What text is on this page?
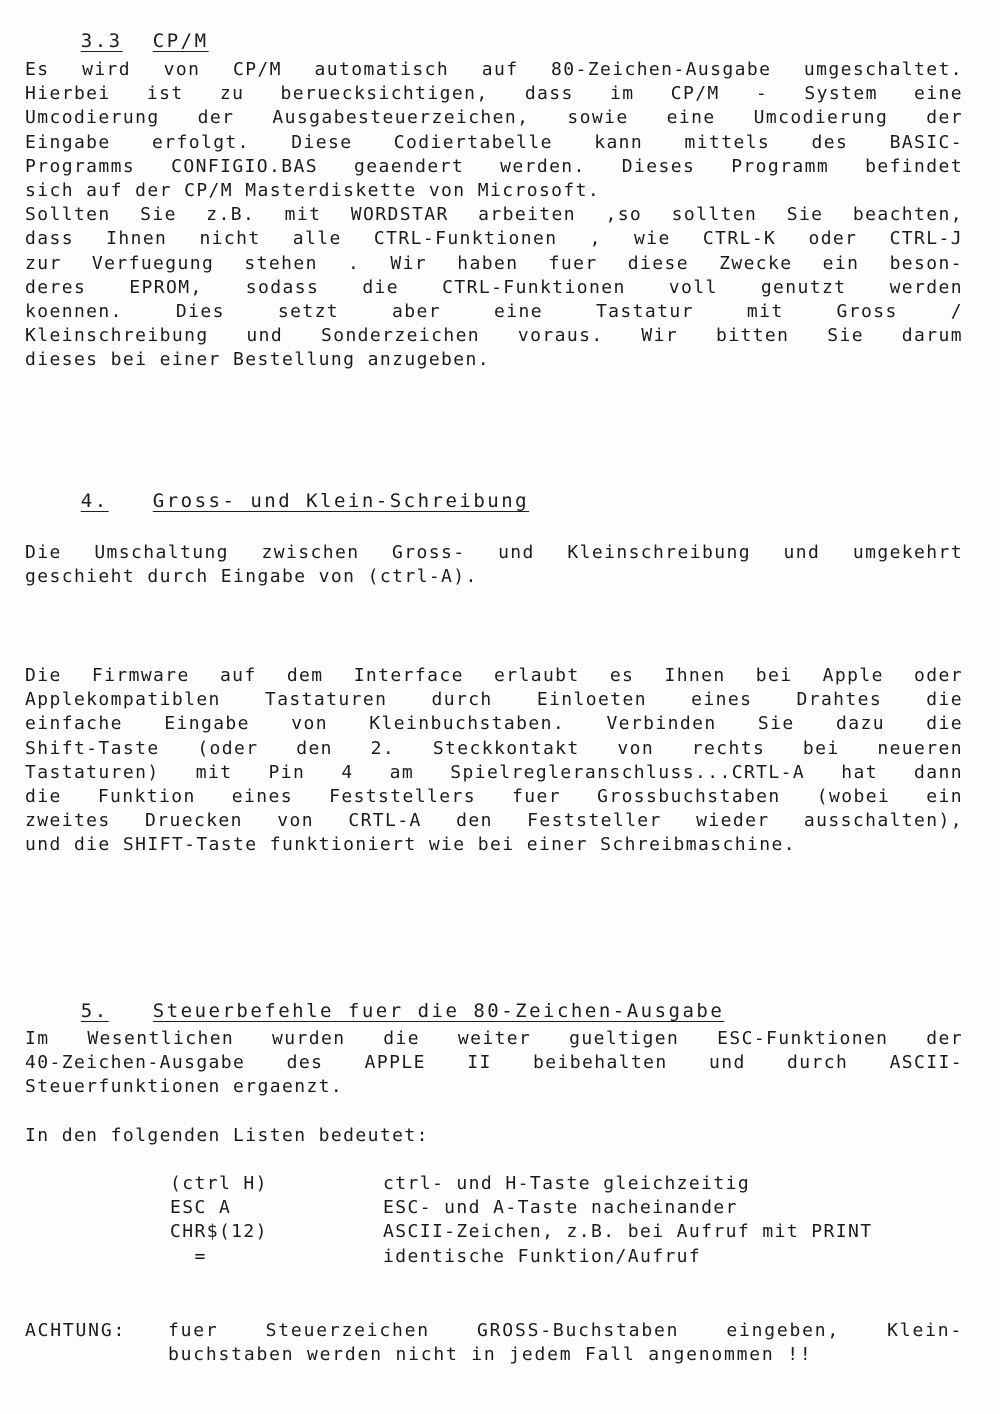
3.3 CP/M

Es wird von CP/M automatisch auf 80-Zeichen-Ausgabe umgeschaltet.
Hierbei ist zu beruecksichtigen, dass im CP/M - System eine
Umcodierung der Ausgabesteuerzeichen, sowie eine Umcodierung der
Eingabe erfolgt. Diese Codiertabelle kann mittels des BASIC-
Programms CONFIGIO.BAS geaendert werden. Dieses Programm befindet
sich auf der CP/M Masterdiskette von Microsoft.
Sollten Sie z.B. mit WORDSTAR arbeiten ,so sollten Sie beachten,
dass Ihnen nicht alle CTRL-Funktionen , wie CTRL-K oder CTRL-J
zur Verfuegung stehen . Wir haben fuer diese Zwecke ein beson-
deres EPROM, sodass die CTRL-Funktionen voll genutzt werden
koennen. Dies setzt aber eine Tastatur mit Gross /
Kleinschreibung und Sonderzeichen voraus. Wir bitten Sie darum
dieses bei einer Bestellung anzugeben.

4. Gross- und Klein-Schreibung

Die Umschaltung zwischen Gross- und Kleinschreibung und umgekehrt
geschieht durch Eingabe von (ctrl-A).
Die Firmware auf dem Interface erlaubt es Ihnen bei Apple oder
Applekompatiblen Tastaturen durch Einloeten eines Drahtes die
einfache Eingabe von Kleinbuchstaben. Verbinden Sie dazu die
Shift-Taste (oder den 2. Steckkontakt von rechts bei neueren
Tastaturen) mit Pin 4 am Spielregleranschluss...CRTL-A hat dann
die Funktion eines Feststellers fuer Grossbuchstaben (wobei ein
zweites Druecken von CRTL-A den Feststeller wieder ausschalten),
und die SHIFT-Taste funktioniert wie bei einer Schreibmaschine.

5. Steuerbefehle fuer die 80-Zeichen-Ausgabe

Im Wesentlichen wurden die weiter gueltigen ESC-Funktionen der
40-Zeichen-Ausgabe des APPLE II beibehalten und durch ASCII-
Steuerfunktionen ergaenzt.
In den folgenden Listen bedeutet:
(ctrl H)	ctrl- und H-Taste gleichzeitig
ESC A	ESC- und A-Taste nacheinander
CHR$(12)	ASCII-Zeichen, z.B. bei Aufruf mit PRINT
=	identische Funktion/Aufruf
ACHTUNG:	fuer Steuerzeichen GROSS-Buchstaben eingeben, Klein-
buchstaben werden nicht in jedem Fall angenommen !!
